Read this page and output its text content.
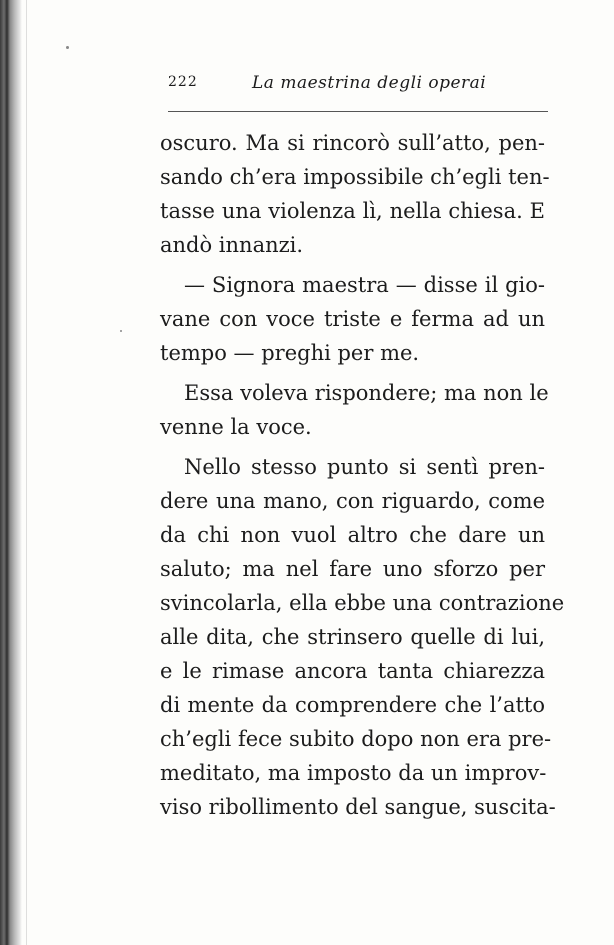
222	La maestrina degli operai
oscuro. Ma si rincorò sull’atto, pen-
sando ch’era impossibile ch’egli ten-
tasse una violenza lì, nella chiesa. E
andò innanzi.
— Signora maestra — disse il gio-
vane con voce triste e ferma ad un
tempo — preghi per me.
Essa voleva rispondere; ma non le
venne la voce.
Nello stesso punto si sentì pren-
dere una mano, con riguardo, come
da chi non vuol altro che dare un
saluto; ma nel fare uno sforzo per
svincolarla, ella ebbe una contrazione
alle dita, che strinsero quelle di lui,
e le rimase ancora tanta chiarezza
di mente da comprendere che l’atto
ch’egli fece subito dopo non era pre-
meditato, ma imposto da un improv-
viso ribollimento del sangue, suscita-
